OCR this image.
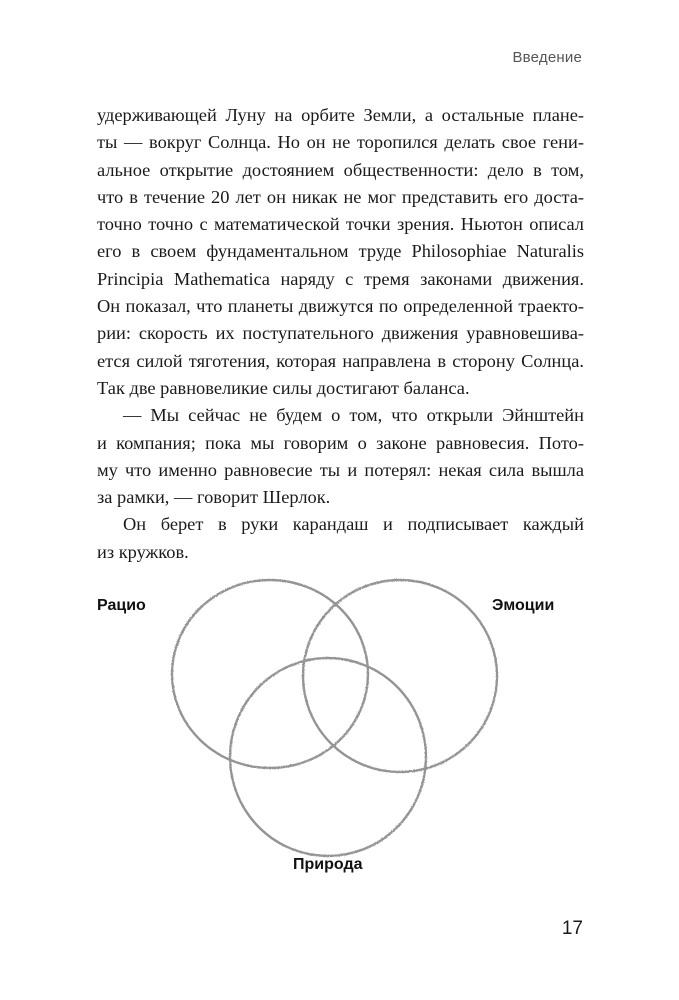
Введение
удерживающей Луну на орбите Земли, а остальные плане-
ты — вокруг Солнца. Но он не торопился делать свое гени-
альное открытие достоянием общественности: дело в том,
что в течение 20 лет он никак не мог представить его доста-
точно точно с математической точки зрения. Ньютон описал
его в своем фундаментальном труде Philosophiae Naturalis
Principia Mathematica наряду с тремя законами движения.
Он показал, что планеты движутся по определенной траекто-
рии: скорость их поступательного движения уравновешива-
ется силой тяготения, которая направлена в сторону Солнца.
Так две равновеликие силы достигают баланса.
— Мы сейчас не будем о том, что открыли Эйнштейн
и компания; пока мы говорим о законе равновесия. Пото-
му что именно равновесие ты и потерял: некая сила вышла
за рамки, — говорит Шерлок.
Он берет в руки карандаш и подписывает каждый
из кружков.
Рацио	Эмоции
Природа
17
